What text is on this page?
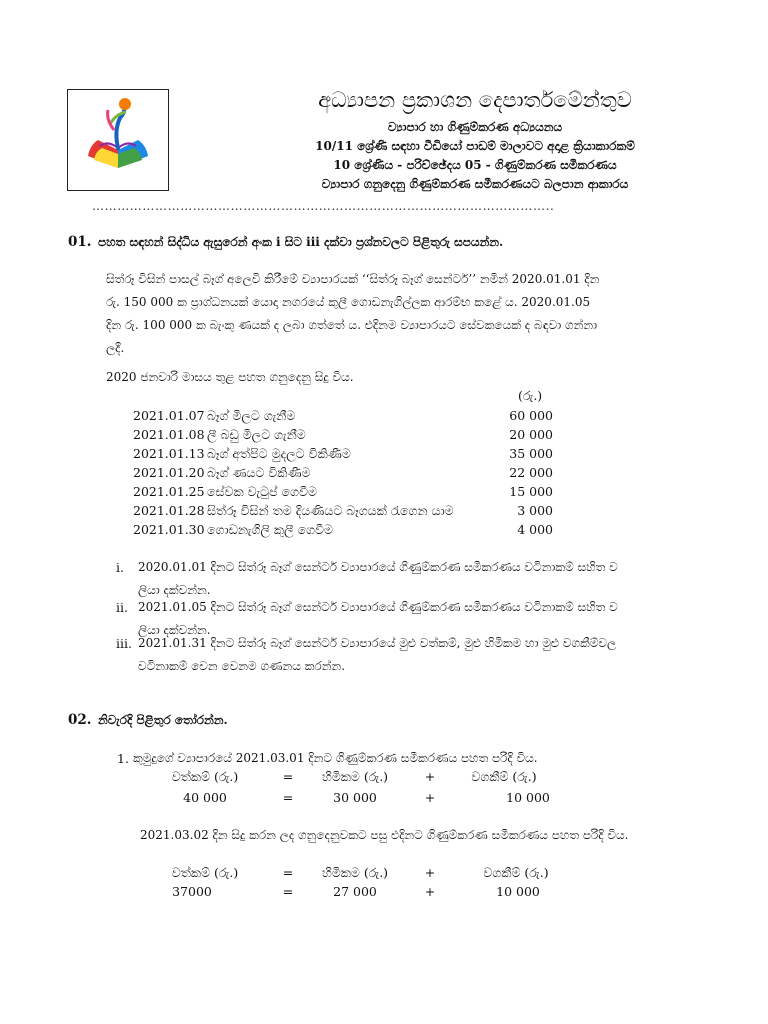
අධ්‍යාපන ප්‍රකාශන දෙපාර්තමේන්තුව
ව්‍යාපාර හා ගිණුම්කරණ අධ්‍යයනය
10/11 ශ්‍රේණි සඳහා වීඩියෝ පාඩම් මාලාවට අදාළ ක්‍රියාකාරකම්
10 ශ්‍රේණිය - පරිච්ඡේදය 05 - ගිණුම්කරණ සමීකරණය
ව්‍යාපාර ගනුදෙනු ගිණුම්කරණ සමීකරණයට බලපාන ආකාරය
………………………………………………………………………………………………..
01. පහත සඳහන් සිද්ධිය ඇසුරෙන් අංක i සිට iii දක්වා ප්‍රශ්නවලට පිළිතුරු සපයන්න.
සිත්රූ විසින් පාසල් බෑග් අලෙවි කිරීමේ ව්‍යාපාරයක් ‘‘සිත්රූ බෑග් සෙන්ටර්’’ නමින් 2020.01.01 දින
රු. 150 000 ක ප්‍රාග්ධනයක් යොදා නගරයේ කුලී ගොඩනැගිල්ලක ආරම්භ කළේ ය. 2020.01.05
දින රු. 100 000 ක බැංකු ණයක් ද ලබා ගත්තේ ය. එදිනම ව්‍යාපාරයට සේවකයෙක් ද බඳවා ගන්නා
ලදී.
2020 ජනවාරි මාසය තුළ පහත ගනුදෙනු සිදු විය.
(රු.)
2021.01.07 බෑග් මිලට ගැනීම	60 000
2021.01.08 ලී බඩු මිලට ගැනීම	20 000
2021.01.13 බෑග් අත්පිට මුදලට විකිණීම	35 000
2021.01.20 බෑග් ණයට විකිණීම	22 000
2021.01.25 සේවක වැටුප් ගෙවීම	15 000
2021.01.28 සිත්රූ විසින් තම දියණියට බෑගයක් රැගෙන යාම	3 000
2021.01.30 ගොඩනැගිලි කුලී ගෙවීම	4 000
i. 2020.01.01 දිනට සිත්රූ බෑග් සෙන්ටර් ව්‍යාපාරයේ ගිණුම්කරණ සමීකරණය වටිනාකම් සහිත ව
ලියා දක්වන්න.
ii. 2021.01.05 දිනට සිත්රූ බෑග් සෙන්ටර් ව්‍යාපාරයේ ගිණුම්කරණ සමීකරණය වටිනාකම් සහිත ව
ලියා දක්වන්න.
iii. 2021.01.31 දිනට සිත්රූ බෑග් සෙන්ටර් ව්‍යාපාරයේ මුළු වත්කම්, මුළු හිමිකම හා මුළු වගකීම්වල
වටිනාකම් වෙන වෙනම ගණනය කරන්න.
02. නිවැරදි පිළිතුර තෝරන්න.
1. කුමුදුගේ ව්‍යාපාරයේ 2021.03.01 දිනට ගිණුම්කරණ සමීකරණය පහත පරිදි විය.
වත්කම් (රු.)	=	හිමිකම (රු.)	+	වගකීම් (රු.)
40 000	=	30 000	+	10 000
2021.03.02 දින සිදු කරන ලද ගනුදෙනුවකට පසු එදිනට ගිණුම්කරණ සමීකරණය පහත පරිදි විය.
වත්කම් (රු.)	=	හිමිකම (රු.)	+	වගකීම් (රු.)
37000	=	27 000	+	10 000
